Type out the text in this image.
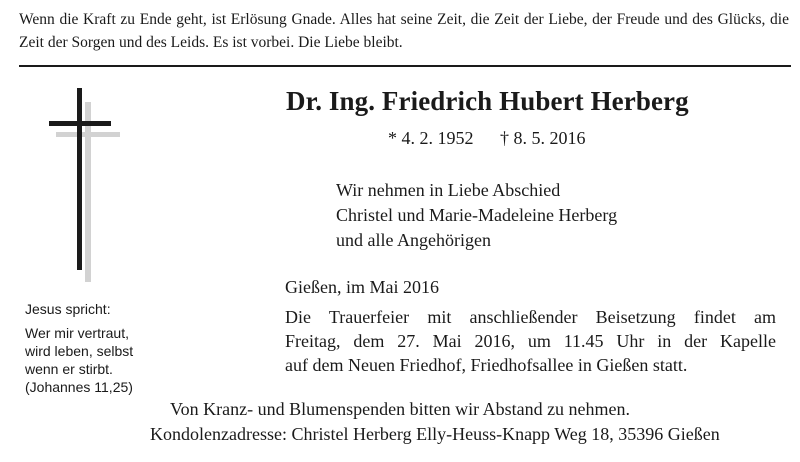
Wenn die Kraft zu Ende geht, ist Erlösung Gnade. Alles hat seine Zeit, die Zeit der Liebe, der Freude und des Glücks, die Zeit der Sorgen und des Leids. Es ist vorbei. Die Liebe bleibt.
Jesus spricht:
Wer mir vertraut,
wird leben, selbst
wenn er stirbt.
(Johannes 11,25)
Dr. Ing. Friedrich Hubert Herberg
* 4. 2. 1952 † 8. 5. 2016
Wir nehmen in Liebe Abschied
Christel und Marie-Madeleine Herberg
und alle Angehörigen
Gießen, im Mai 2016
Die Trauerfeier mit anschließender Beisetzung findet am
Freitag, dem 27. Mai 2016, um 11.45 Uhr in der Kapelle
auf dem Neuen Friedhof, Friedhofsallee in Gießen statt.
Von Kranz- und Blumenspenden bitten wir Abstand zu nehmen.
Kondolenzadresse: Christel Herberg Elly-Heuss-Knapp Weg 18, 35396 Gießen
